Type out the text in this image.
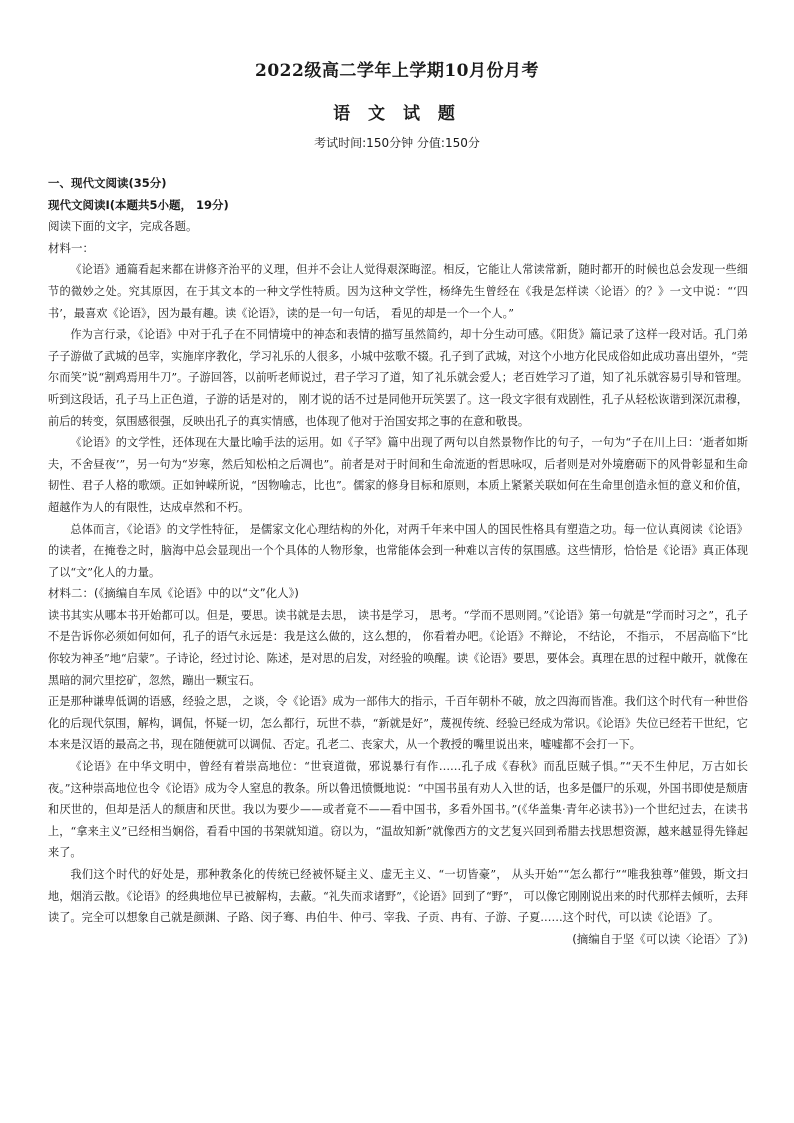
2022级高二学年上学期10月份月考
语 文 试 题
考试时间:150分钟 分值:150分

一、现代文阅读(35分)

现代文阅读Ⅰ(本题共5小题， 19分)

阅读下面的文字，完成各题。

材料一：

《论语》通篇看起来都在讲修齐治平的义理，但并不会让人觉得艰深晦涩。相反，它能让人常读常新，随时都开的时候也总会发现一些细节的微妙之处。究其原因，在于其文本的一种文学性特质。因为这种文学性，杨绛先生曾经在《我是怎样读〈论语〉的？》一文中说：“‘四书’，最喜欢《论语》，因为最有趣。读《论语》，读的是一句一句话， 看见的却是一个一个人。”

作为言行录，《论语》中对于孔子在不同情境中的神态和表情的描写虽然简约，却十分生动可感。《阳货》篇记录了这样一段对话。孔门弟子子游做了武城的邑宰，实施庠序教化，学习礼乐的人很多，小城中弦歌不辍。孔子到了武城，对这个小地方化民成俗如此成功喜出望外，“莞尔而笑”说“割鸡焉用牛刀”。子游回答，以前听老师说过，君子学习了道，知了礼乐就会爱人；老百姓学习了道，知了礼乐就容易引导和管理。听到这段话，孔子马上正色道，子游的话是对的， 刚才说的话不过是同他开玩笑罢了。这一段文字很有戏剧性，孔子从轻松诙谐到深沉肃穆，前后的转变，氛围感很强，反映出孔子的真实情感，也体现了他对于治国安邦之事的在意和敬畏。

《论语》的文学性，还体现在大量比喻手法的运用。如《子罕》篇中出现了两句以自然景物作比的句子，一句为“子在川上曰：‘逝者如斯夫，不舍昼夜’”，另一句为“岁寒，然后知松柏之后凋也”。前者是对于时间和生命流逝的哲思咏叹，后者则是对外境磨砺下的风骨彰显和生命韧性、君子人格的歌颂。正如钟嵘所说，“因物喻志，比也”。儒家的修身目标和原则，本质上紧紧关联如何在生命里创造永恒的意义和价值，超越作为人的有限性，达成卓然和不朽。

总体而言，《论语》的文学性特征， 是儒家文化心理结构的外化，对两千年来中国人的国民性格具有塑造之功。每一位认真阅读《论语》的读者，在掩卷之时，脑海中总会显现出一个个具体的人物形象，也常能体会到一种难以言传的氛围感。这些情形，恰恰是《论语》真正体现了以“文”化人的力量。

材料二：(《摘编自车凤《论语》中的以“文”化人》)

读书其实从哪本书开始都可以。但是，要思。读书就是去思， 读书是学习， 思考。“学而不思则罔。”《论语》第一句就是“学而时习之”，孔子不是告诉你必须如何如何，孔子的语气永远是：我是这么做的，这么想的， 你看着办吧。《论语》不辩论， 不结论， 不指示， 不居高临下“比你较为神圣”地“启蒙”。子诗论，经过讨论、陈述，是对思的启发，对经验的唤醒。读《论语》要思，要体会。真理在思的过程中敞开，就像在黑暗的洞穴里挖矿，忽然，蹦出一颗宝石。

正是那种谦卑低调的语感，经验之思， 之谈，令《论语》成为一部伟大的指示，千百年朝朴不破，放之四海而皆准。我们这个时代有一种世俗化的后现代氛围，解构，调侃，怀疑一切，怎么都行，玩世不恭，“新就是好”，蔑视传统、经验已经成为常识。《论语》失位已经若干世纪，它本来是汉语的最高之书，现在随便就可以调侃、否定。孔老二、丧家犬，从一个教授的嘴里说出来，嘘嘘都不会打一下。

《论语》在中华文明中，曾经有着崇高地位：“世衰道微，邪说暴行有作……孔子成《春秋》而乱臣贼子惧。”“天不生仲尼，万古如长夜。”这种崇高地位也令《论语》成为令人窒息的教条。所以鲁迅愤慨地说：“中国书虽有劝人入世的话，也多是僵尸的乐观，外国书即使是颓唐和厌世的，但却是活人的颓唐和厌世。我以为要少——或者竟不——看中国书，多看外国书。”(《华盖集·青年必读书》)一个世纪过去，在读书上，“拿来主义”已经相当娴俗，看看中国的书架就知道。窃以为，“温故知新”就像西方的文艺复兴回到希腊去找思想资源，越来越显得先锋起来了。

我们这个时代的好处是，那种教条化的传统已经被怀疑主义、虚无主义、“一切皆豪”， 从头开始”“怎么都行”“唯我独尊”催毁，斯文扫地，烟消云散。《论语》的经典地位早已被解构，去蔽。“礼失而求诸野”，《论语》回到了“野”， 可以像它刚刚说出来的时代那样去倾听，去拜读了。完全可以想象自己就是颜渊、子路、闵子骞、冉伯牛、仲弓、宰我、子贡、冉有、子游、子夏……这个时代，可以读《论语》了。

(摘编自于坚《可以读〈论语〉了》)
